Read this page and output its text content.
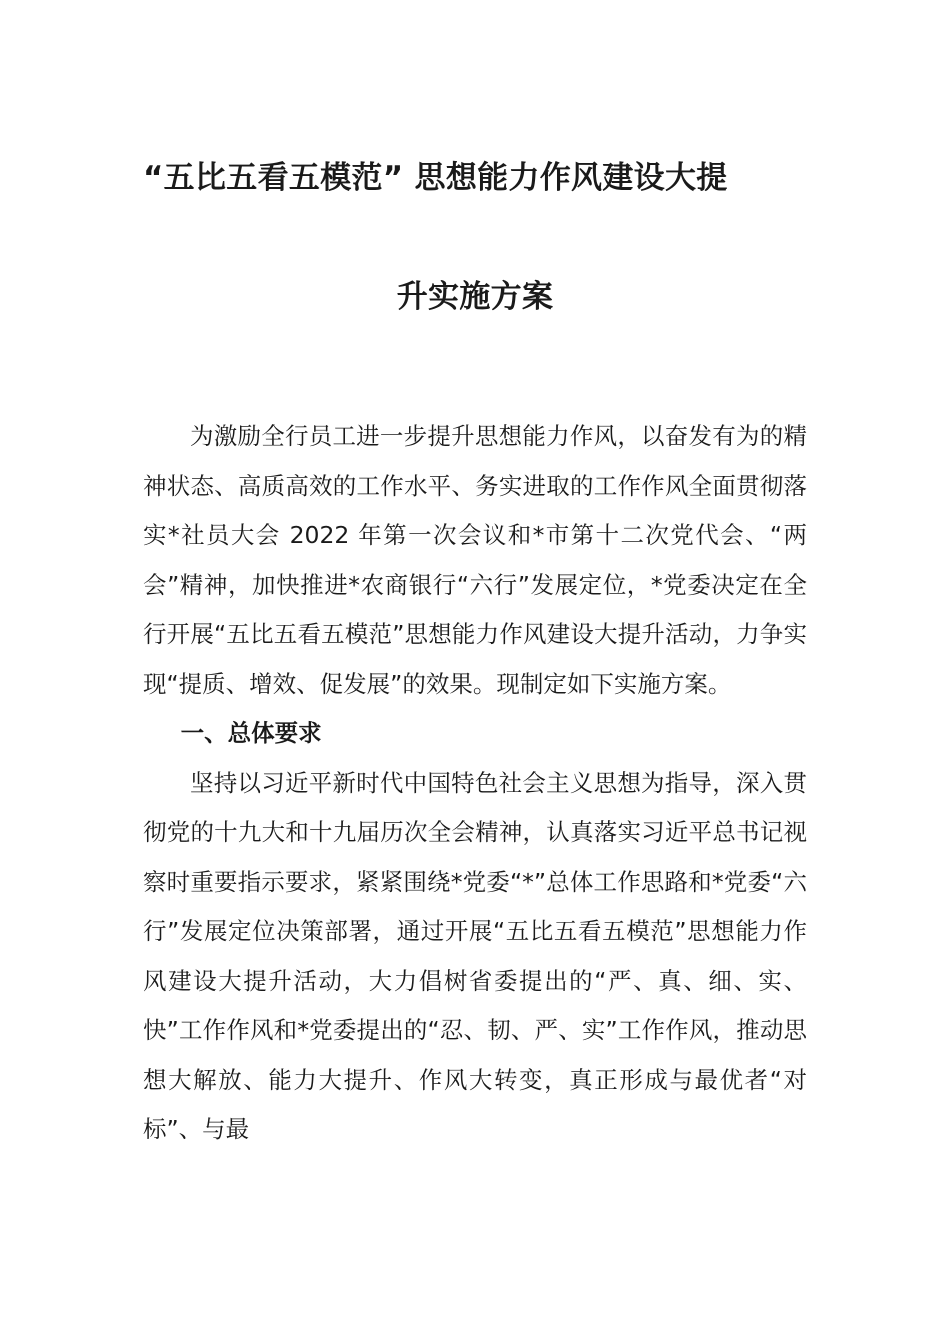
“五比五看五模范” 思想能力作风建设大提
升实施方案

为激励全行员工进一步提升思想能力作风，以奋发有为的精神状态、高质高效的工作水平、务实进取的工作作风全面贯彻落实*社员大会 2022 年第一次会议和*市第十二次党代会、“两会”精神，加快推进*农商银行“六行”发展定位，*党委决定在全行开展“五比五看五模范”思想能力作风建设大提升活动，力争实现“提质、增效、促发展”的效果。现制定如下实施方案。

一、总体要求

坚持以习近平新时代中国特色社会主义思想为指导，深入贯彻党的十九大和十九届历次全会精神，认真落实习近平总书记视察时重要指示要求，紧紧围绕*党委“*”总体工作思路和*党委“六行”发展定位决策部署，通过开展“五比五看五模范”思想能力作风建设大提升活动，大力倡树省委提出的“严、真、细、实、快”工作作风和*党委提出的“忍、韧、严、实”工作作风，推动思想大解放、能力大提升、作风大转变，真正形成与最优者“对标”、与最
